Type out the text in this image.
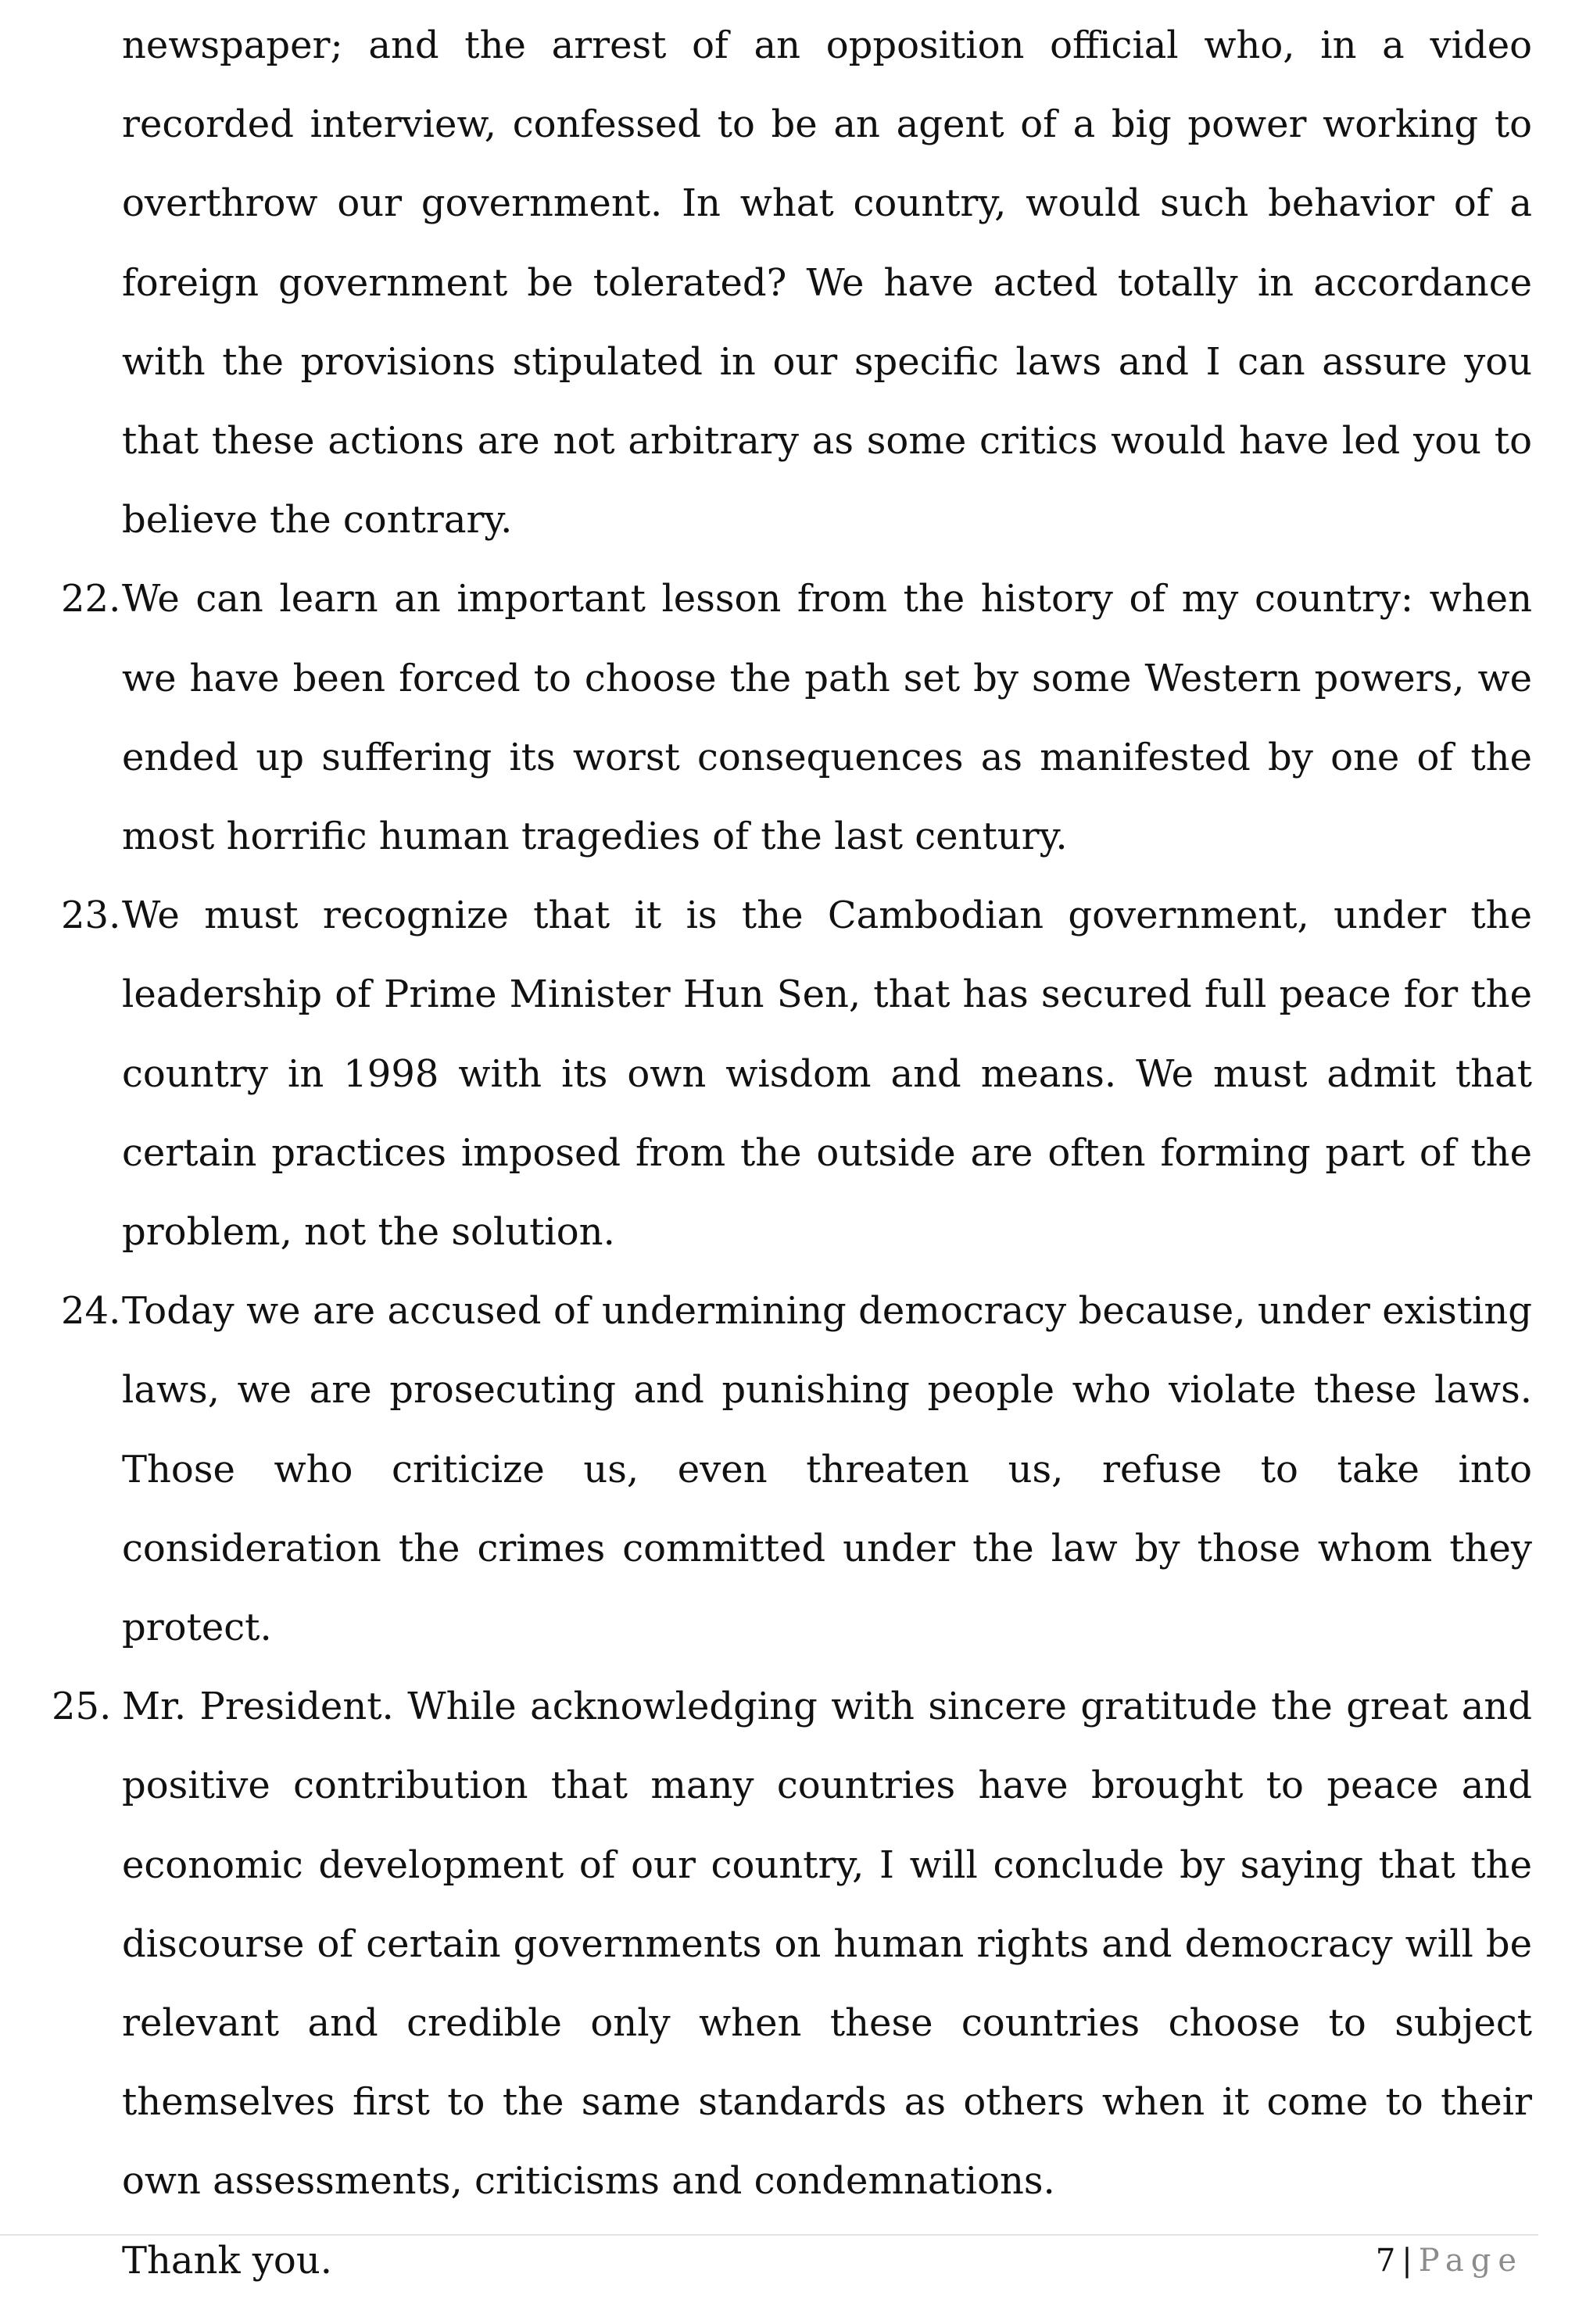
newspaper; and the arrest of an opposition official who, in a video recorded interview, confessed to be an agent of a big power working to overthrow our government. In what country, would such behavior of a foreign government be tolerated? We have acted totally in accordance with the provisions stipulated in our specific laws and I can assure you that these actions are not arbitrary as some critics would have led you to believe the contrary.

22. We can learn an important lesson from the history of my country: when we have been forced to choose the path set by some Western powers, we ended up suffering its worst consequences as manifested by one of the most horrific human tragedies of the last century.

23. We must recognize that it is the Cambodian government, under the leadership of Prime Minister Hun Sen, that has secured full peace for the country in 1998 with its own wisdom and means. We must admit that certain practices imposed from the outside are often forming part of the problem, not the solution.

24. Today we are accused of undermining democracy because, under existing laws, we are prosecuting and punishing people who violate these laws. Those who criticize us, even threaten us, refuse to take into consideration the crimes committed under the law by those whom they protect.

25. Mr. President. While acknowledging with sincere gratitude the great and positive contribution that many countries have brought to peace and economic development of our country, I will conclude by saying that the discourse of certain governments on human rights and democracy will be relevant and credible only when these countries choose to subject themselves first to the same standards as others when it come to their own assessments, criticisms and condemnations.

Thank you.	7 | Page
